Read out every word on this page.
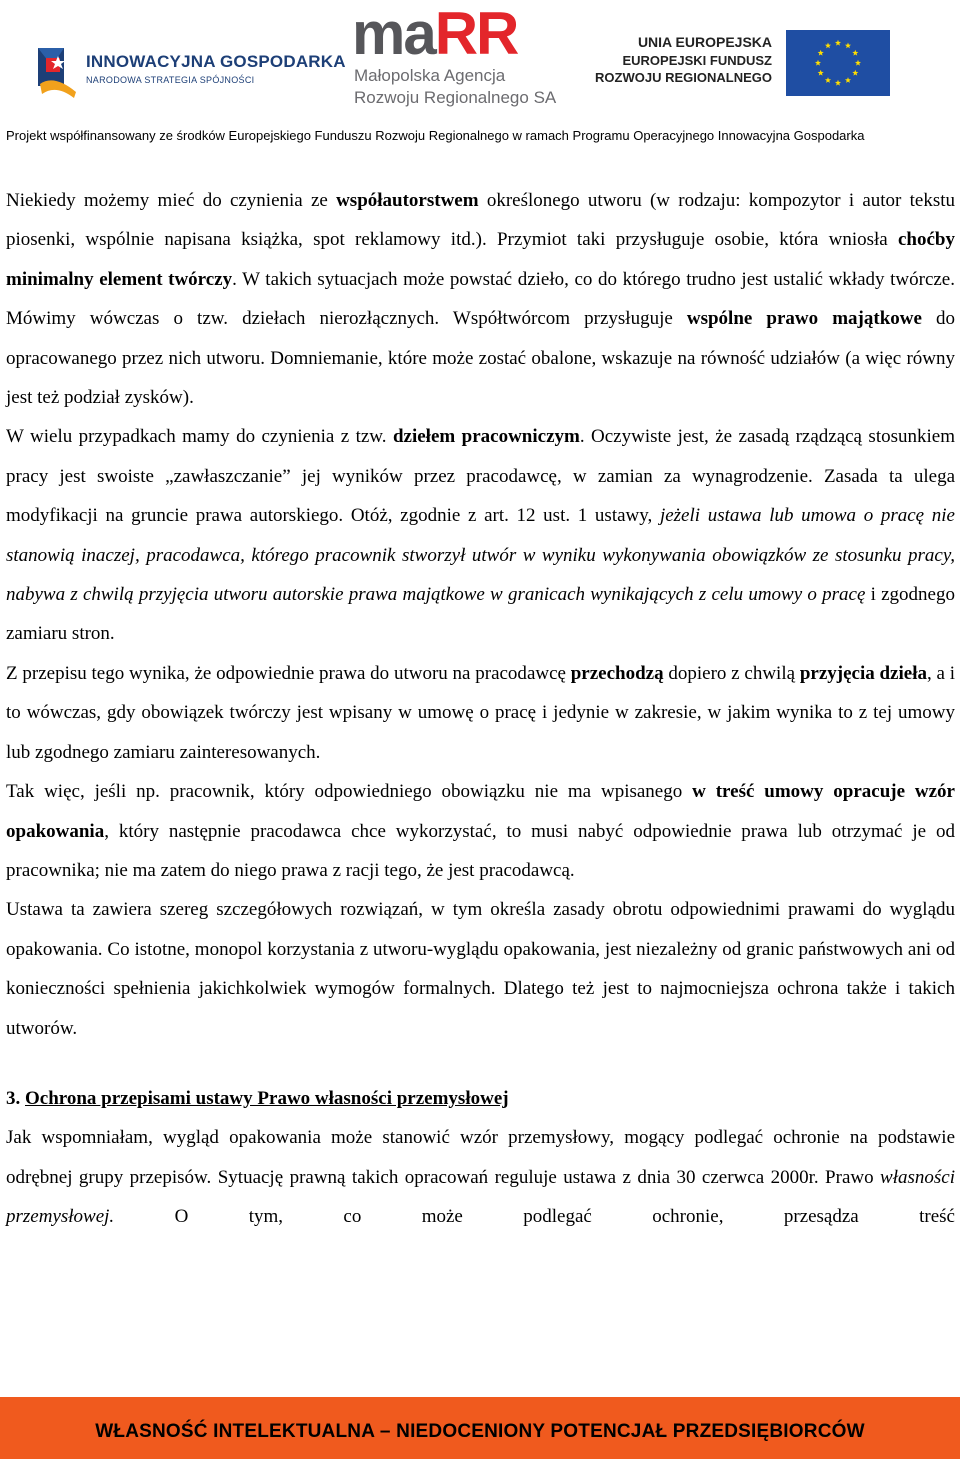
INNOWACYJNA GOSPODARKA
NARODOWA STRATEGIA SPÓJNOŚCI
maRR
Małopolska Agencja
Rozwoju Regionalnego SA
UNIA EUROPEJSKA
EUROPEJSKI FUNDUSZ
ROZWOJU REGIONALNEGO
Projekt współfinansowany ze środków Europejskiego Funduszu Rozwoju Regionalnego w ramach Programu Operacyjnego Innowacyjna Gospodarka

Niekiedy możemy mieć do czynienia ze współautorstwem określonego utworu (w rodzaju: kompozytor i autor tekstu piosenki, wspólnie napisana książka, spot reklamowy itd.). Przymiot taki przysługuje osobie, która wniosła choćby minimalny element twórczy. W takich sytuacjach może powstać dzieło, co do którego trudno jest ustalić wkłady twórcze. Mówimy wówczas o tzw. dziełach nierozłącznych. Współtwórcom przysługuje wspólne prawo majątkowe do opracowanego przez nich utworu. Domniemanie, które może zostać obalone, wskazuje na równość udziałów (a więc równy jest też podział zysków).

W wielu przypadkach mamy do czynienia z tzw. dziełem pracowniczym. Oczywiste jest, że zasadą rządzącą stosunkiem pracy jest swoiste „zawłaszczanie” jej wyników przez pracodawcę, w zamian za wynagrodzenie. Zasada ta ulega modyfikacji na gruncie prawa autorskiego. Otóż, zgodnie z art. 12 ust. 1 ustawy, jeżeli ustawa lub umowa o pracę nie stanowią inaczej, pracodawca, którego pracownik stworzył utwór w wyniku wykonywania obowiązków ze stosunku pracy, nabywa z chwilą przyjęcia utworu autorskie prawa majątkowe w granicach wynikających z celu umowy o pracę i zgodnego zamiaru stron.

Z przepisu tego wynika, że odpowiednie prawa do utworu na pracodawcę przechodzą dopiero z chwilą przyjęcia dzieła, a i to wówczas, gdy obowiązek twórczy jest wpisany w umowę o pracę i jedynie w zakresie, w jakim wynika to z tej umowy lub zgodnego zamiaru zainteresowanych.

Tak więc, jeśli np. pracownik, który odpowiedniego obowiązku nie ma wpisanego w treść umowy opracuje wzór opakowania, który następnie pracodawca chce wykorzystać, to musi nabyć odpowiednie prawa lub otrzymać je od pracownika; nie ma zatem do niego prawa z racji tego, że jest pracodawcą.

Ustawa ta zawiera szereg szczegółowych rozwiązań, w tym określa zasady obrotu odpowiednimi prawami do wyglądu opakowania. Co istotne, monopol korzystania z utworu-wyglądu opakowania, jest niezależny od granic państwowych ani od konieczności spełnienia jakichkolwiek wymogów formalnych. Dlatego też jest to najmocniejsza ochrona także i takich utworów.

3. Ochrona przepisami ustawy Prawo własności przemysłowej

Jak wspomniałam, wygląd opakowania może stanowić wzór przemysłowy, mogący podlegać ochronie na podstawie odrębnej grupy przepisów. Sytuację prawną takich opracowań reguluje ustawa z dnia 30 czerwca 2000r. Prawo własności przemysłowej. O tym, co może podlegać ochronie, przesądza treść

WŁASNOŚĆ INTELEKTUALNA – NIEDOCENIONY POTENCJAŁ PRZEDSIĘBIORCÓW
